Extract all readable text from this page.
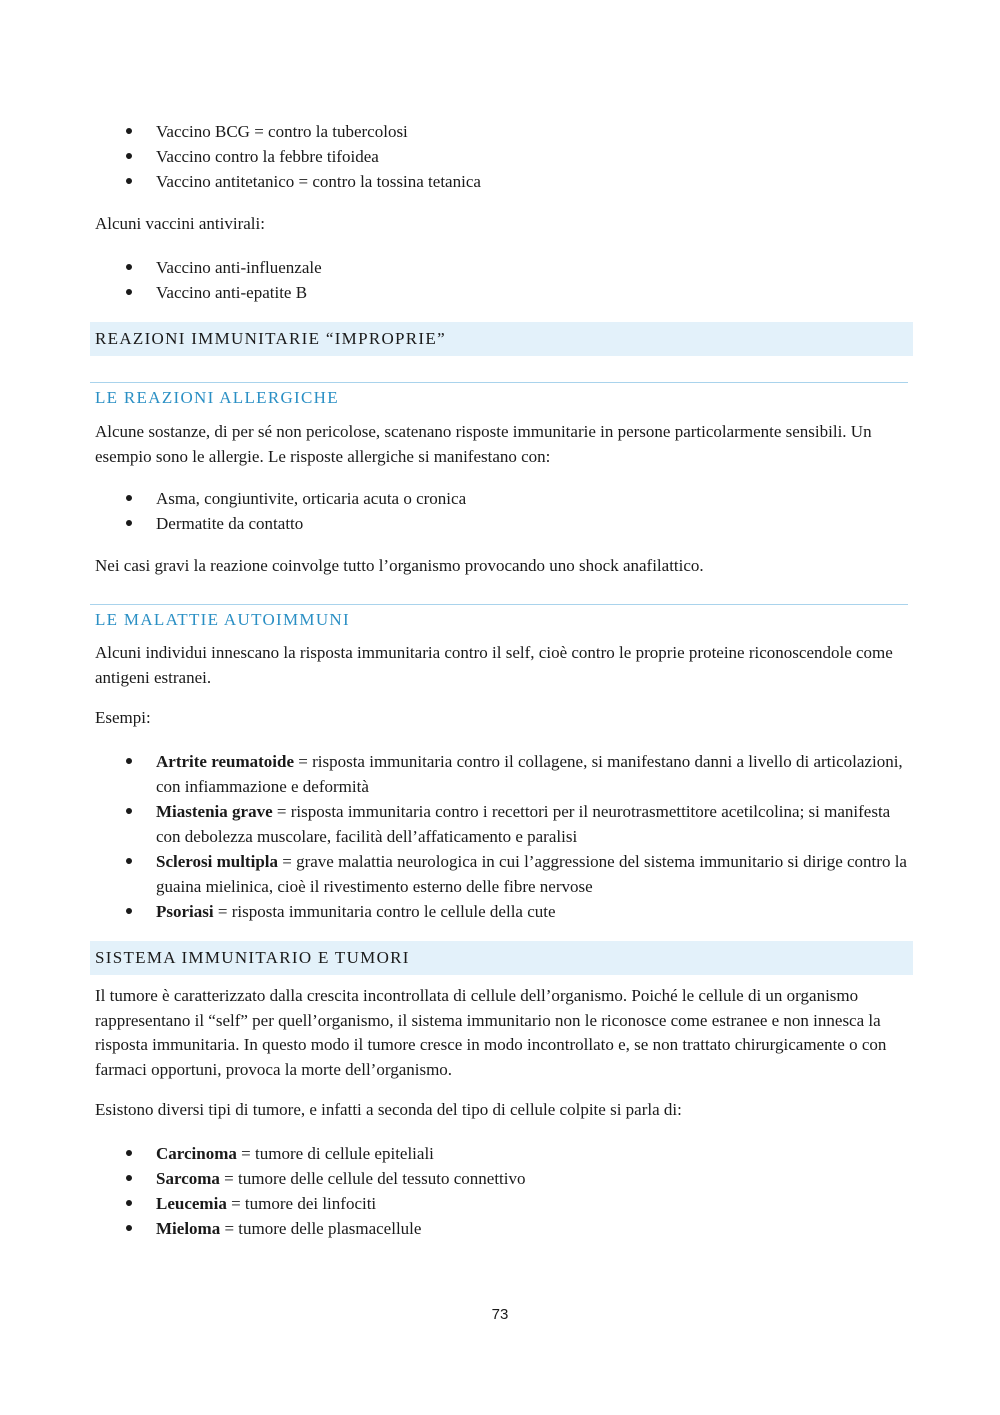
Vaccino BCG = contro la tubercolosi
Vaccino contro la febbre tifoidea
Vaccino antitetanico = contro la tossina tetanica

Alcuni vaccini antivirali:

Vaccino anti-influenzale
Vaccino anti-epatite B
REAZIONI IMMUNITARIE “IMPROPRIE”
LE REAZIONI ALLERGICHE

Alcune sostanze, di per sé non pericolose, scatenano risposte immunitarie in persone particolarmente sensibili. Un esempio sono le allergie. Le risposte allergiche si manifestano con:

Asma, congiuntivite, orticaria acuta o cronica
Dermatite da contatto

Nei casi gravi la reazione coinvolge tutto l’organismo provocando uno shock anafilattico.

LE MALATTIE AUTOIMMUNI

Alcuni individui innescano la risposta immunitaria contro il self, cioè contro le proprie proteine riconoscendole come antigeni estranei.

Esempi:

Artrite reumatoide = risposta immunitaria contro il collagene, si manifestano danni a livello di articolazioni, con infiammazione e deformità
Miastenia grave = risposta immunitaria contro i recettori per il neurotrasmettitore acetilcolina; si manifesta con debolezza muscolare, facilità dell’affaticamento e paralisi
Sclerosi multipla = grave malattia neurologica in cui l’aggressione del sistema immunitario si dirige contro la guaina mielinica, cioè il rivestimento esterno delle fibre nervose
Psoriasi = risposta immunitaria contro le cellule della cute
SISTEMA IMMUNITARIO E TUMORI

Il tumore è caratterizzato dalla crescita incontrollata di cellule dell’organismo. Poiché le cellule di un organismo rappresentano il “self” per quell’organismo, il sistema immunitario non le riconosce come estranee e non innesca la risposta immunitaria. In questo modo il tumore cresce in modo incontrollato e, se non trattato chirurgicamente o con farmaci opportuni, provoca la morte dell’organismo.

Esistono diversi tipi di tumore, e infatti a seconda del tipo di cellule colpite si parla di:

Carcinoma = tumore di cellule epiteliali
Sarcoma = tumore delle cellule del tessuto connettivo
Leucemia = tumore dei linfociti
Mieloma = tumore delle plasmacellule
73
